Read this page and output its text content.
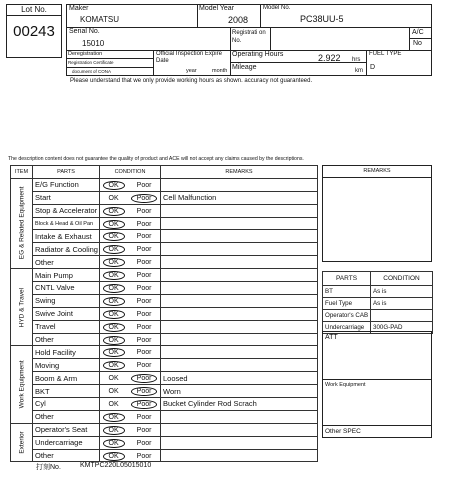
Lot No.
00243
Maker
KOMATSU
Model Year
2008
Model No.
PC38UU-5
Serial No.
15010
Registrati on No.
A/C
No
Deregistration
Registration Certificate
document of CONA
Official Inspection Expire Date
year	month
Operating Hours	2.922 hrs
Mileage	km
FUEL TYPE
D
Please understand that we only provide working hours as shown. accuracy not guaranteed.
The description content does not guarantee the quality of product and ACE will not accept any claims caused by the descriptions.
ITEM	PARTS	CONDITION	REMARKS
EG & Related Equipment	E/G Function	OK Poor	
	Start	OK Poor	Cell Malfunction
	Stop & Accelerator	OK Poor	
	Block & Head & Oil Pan	OK Poor	
	Intake & Exhaust	OK Poor	
	Radiator & Cooling	OK Poor	
	Other	OK Poor	
HYD & Travel	Main Pump	OK Poor	
	CNTL Valve	OK Poor	
	Swing	OK Poor	
	Swive Joint	OK Poor	
	Travel	OK Poor	
	Other	OK Poor	
Work Equipment	Hold Facility	OK Poor	
	Moving	OK Poor	
	Boom & Arm	OK Poor	Loosed
	BKT	OK Poor	Worn
	Cyl	OK Poor	Bucket Cylinder Rod Scrach
	Other	OK Poor	
Exterior	Operator's Seat	OK Poor	
	Undercarriage	OK Poor	
	Other	OK Poor	
REMARKS
PARTS	CONDITION
BT	As is
Fuel Type	As is
Operator's CAB	
Undercarriage	300G-PAD
ATT
Work Equipment
Other SPEC
打刻No.	KMTPC220L05015010
